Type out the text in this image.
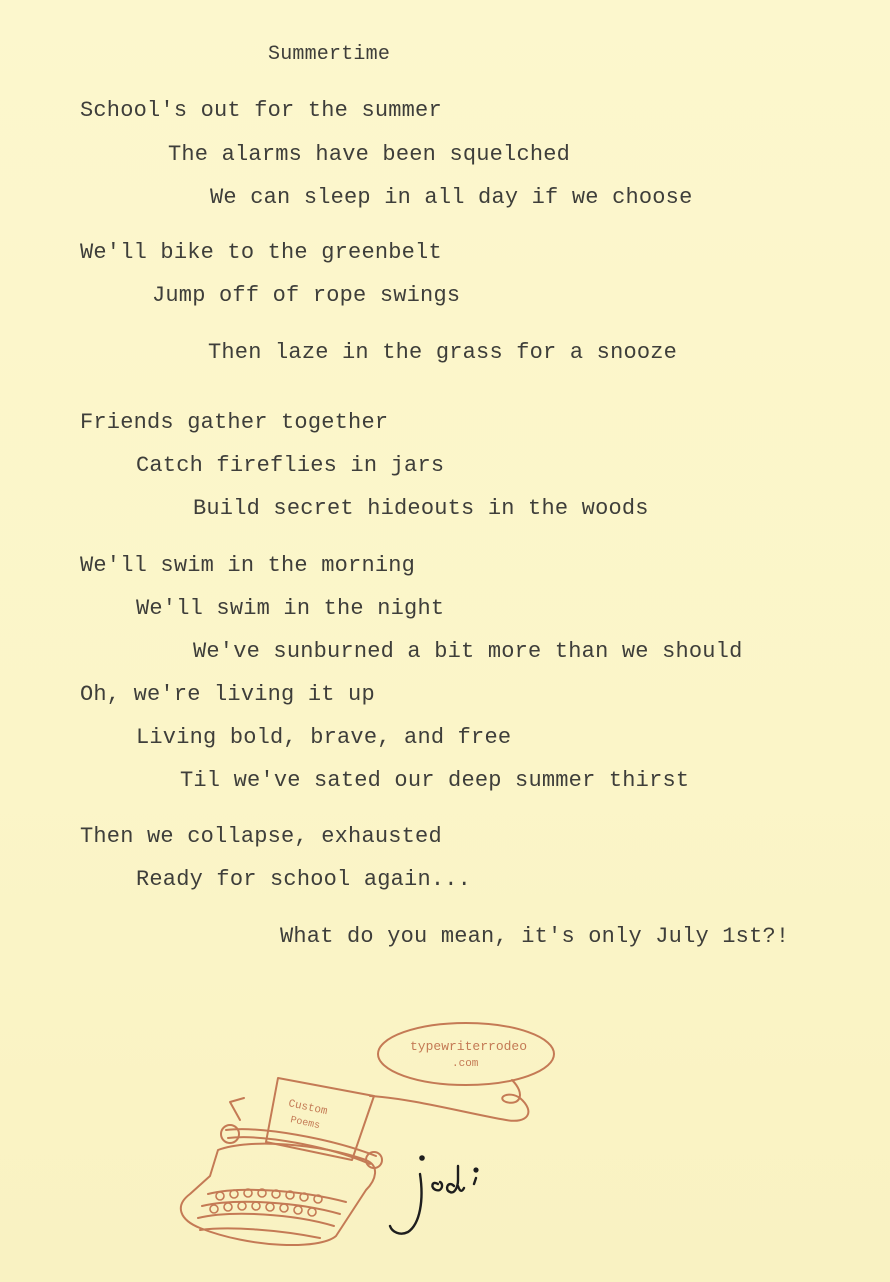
Summertime
School's out for the summer
The alarms have been squelched
We can sleep in all day if we choose
We'll bike to the greenbelt
Jump off of rope swings
Then laze in the grass for a snooze
Friends gather together
Catch fireflies in jars
Build secret hideouts in the woods
We'll swim in the morning
We'll swim in the night
We've sunburned a bit more than we should
Oh, we're living it up
Living bold, brave, and free
Til we've sated our deep summer thirst
Then we collapse, exhausted
Ready for school again...
What do you mean, it's only July 1st?!
typewriterrodeo
.com
Custom
Poems
